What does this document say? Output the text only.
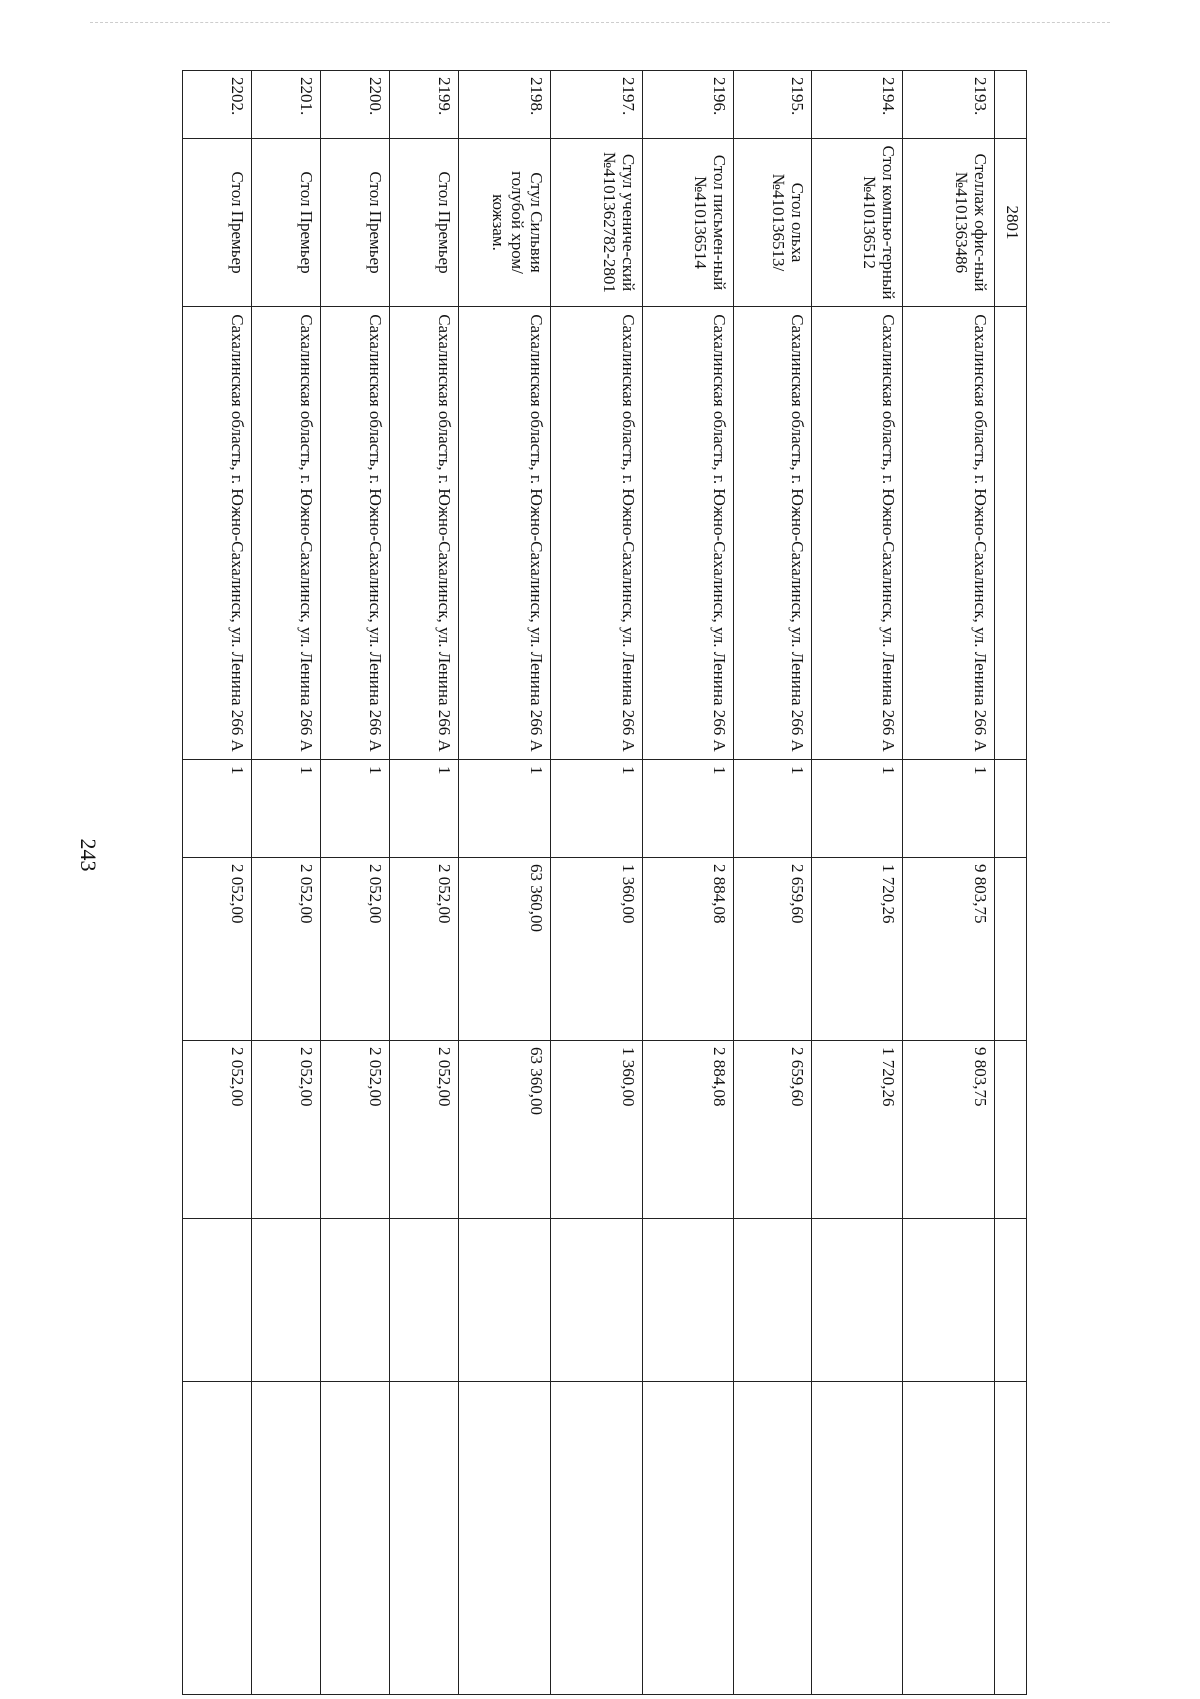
243
	2801						
2193.	Стеллаж офис-ный №4101363486	Сахалинская область, г. Южно-Сахалинск, ул. Ленина 266 А	1	9 803,75	9 803,75		
2194.	Стол компью-терный №410136512	Сахалинская область, г. Южно-Сахалинск, ул. Ленина 266 А	1	1 720,26	1 720,26		
2195.	Стол ольха №410136513/	Сахалинская область, г. Южно-Сахалинск, ул. Ленина 266 А	1	2 659,60	2 659,60		
2196.	Стол письмен-ный №410136514	Сахалинская область, г. Южно-Сахалинск, ул. Ленина 266 А	1	2 884,08	2 884,08		
2197.	Стул учениче-ский №410136278​2-2801	Сахалинская область, г. Южно-Сахалинск, ул. Ленина 266 А	1	1 360,00	1 360,00		
2198.	Стул Сильвия голубой хром/кожзам.	Сахалинская область, г. Южно-Сахалинск, ул. Ленина 266 А	1	63 360,00	63 360,00		
2199.	Стол Премьер	Сахалинская область, г. Южно-Сахалинск, ул. Ленина 266 А	1	2 052,00	2 052,00		
2200.	Стол Премьер	Сахалинская область, г. Южно-Сахалинск, ул. Ленина 266 А	1	2 052,00	2 052,00		
2201.	Стол Премьер	Сахалинская область, г. Южно-Сахалинск, ул. Ленина 266 А	1	2 052,00	2 052,00		
2202.	Стол Премьер	Сахалинская область, г. Южно-Сахалинск, ул. Ленина 266 А	1	2 052,00	2 052,00		
